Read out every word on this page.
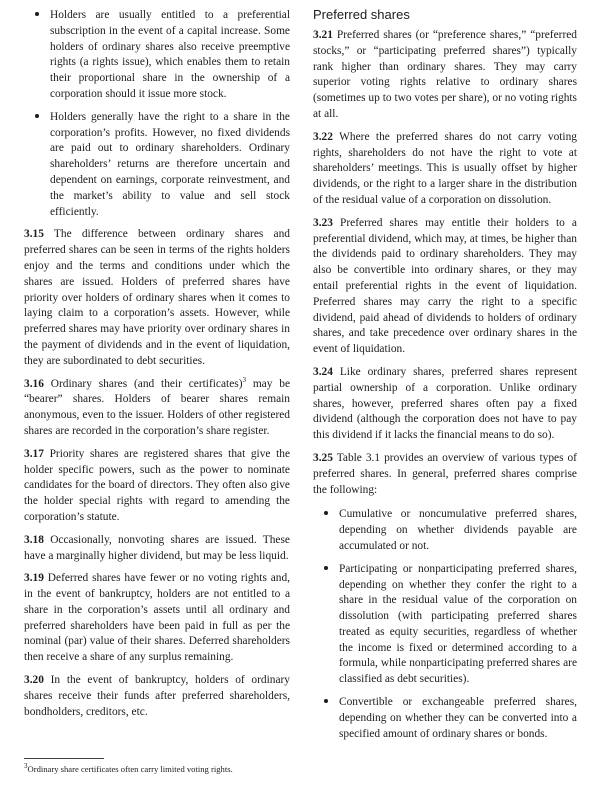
• Holders are usually entitled to a preferential subscription in the event of a capital increase. Some holders of ordinary shares also receive preemptive rights (a rights issue), which enables them to retain their proportional share in the ownership of a corporation should it issue more stock.
• Holders generally have the right to a share in the corporation’s profits. However, no fixed dividends are paid out to ordinary shareholders. Ordinary shareholders’ returns are therefore uncertain and dependent on earnings, corporate reinvestment, and the market’s ability to value and sell stock efficiently.

3.15 The difference between ordinary shares and preferred shares can be seen in terms of the rights holders enjoy and the terms and conditions under which the shares are issued. Holders of preferred shares have priority over holders of ordinary shares when it comes to laying claim to a corporation’s assets. However, while preferred shares may have priority over ordinary shares in the payment of dividends and in the event of liquidation, they are subordinated to debt securities.

3.16 Ordinary shares (and their certificates)$^3$ may be “bearer” shares. Holders of bearer shares remain anonymous, even to the issuer. Holders of other registered shares are recorded in the corporation’s share register.

3.17 Priority shares are registered shares that give the holder specific powers, such as the power to nominate candidates for the board of directors. They often also give the holder special rights with regard to amending the corporation’s statute.

3.18 Occasionally, nonvoting shares are issued. These have a marginally higher dividend, but may be less liquid.

3.19 Deferred shares have fewer or no voting rights and, in the event of bankruptcy, holders are not entitled to a share in the corporation’s assets until all ordinary and preferred shareholders have been paid in full as per the nominal (par) value of their shares. Deferred shareholders then receive a share of any surplus remaining.

3.20 In the event of bankruptcy, holders of ordinary shares receive their funds after preferred shareholders, bondholders, creditors, etc.

$^3$Ordinary share certificates often carry limited voting rights.
Preferred shares

3.21 Preferred shares (or “preference shares,” “preferred stocks,” or “participating preferred shares”) typically rank higher than ordinary shares. They may carry superior voting rights relative to ordinary shares (sometimes up to two votes per share), or no voting rights at all.

3.22 Where the preferred shares do not carry voting rights, shareholders do not have the right to vote at shareholders’ meetings. This is usually offset by higher dividends, or the right to a larger share in the distribution of the residual value of a corporation on dissolution.

3.23 Preferred shares may entitle their holders to a preferential dividend, which may, at times, be higher than the dividends paid to ordinary shareholders. They may also be convertible into ordinary shares, or they may entail preferential rights in the event of liquidation. Preferred shares may carry the right to a specific dividend, paid ahead of dividends to holders of ordinary shares, and take precedence over ordinary shares in the event of liquidation.

3.24 Like ordinary shares, preferred shares represent partial ownership of a corporation. Unlike ordinary shares, however, preferred shares often pay a fixed dividend (although the corporation does not have to pay this dividend if it lacks the financial means to do so).

3.25 Table 3.1 provides an overview of various types of preferred shares. In general, preferred shares comprise the following:

• Cumulative or noncumulative preferred shares, depending on whether dividends payable are accumulated or not.
• Participating or nonparticipating preferred shares, depending on whether they confer the right to a share in the residual value of the corporation on dissolution (with participating preferred shares treated as equity securities, regardless of whether the income is fixed or determined according to a formula, while nonparticipating preferred shares are classified as debt securities).
• Convertible or exchangeable preferred shares, depending on whether they can be converted into a specified amount of ordinary shares or bonds.
